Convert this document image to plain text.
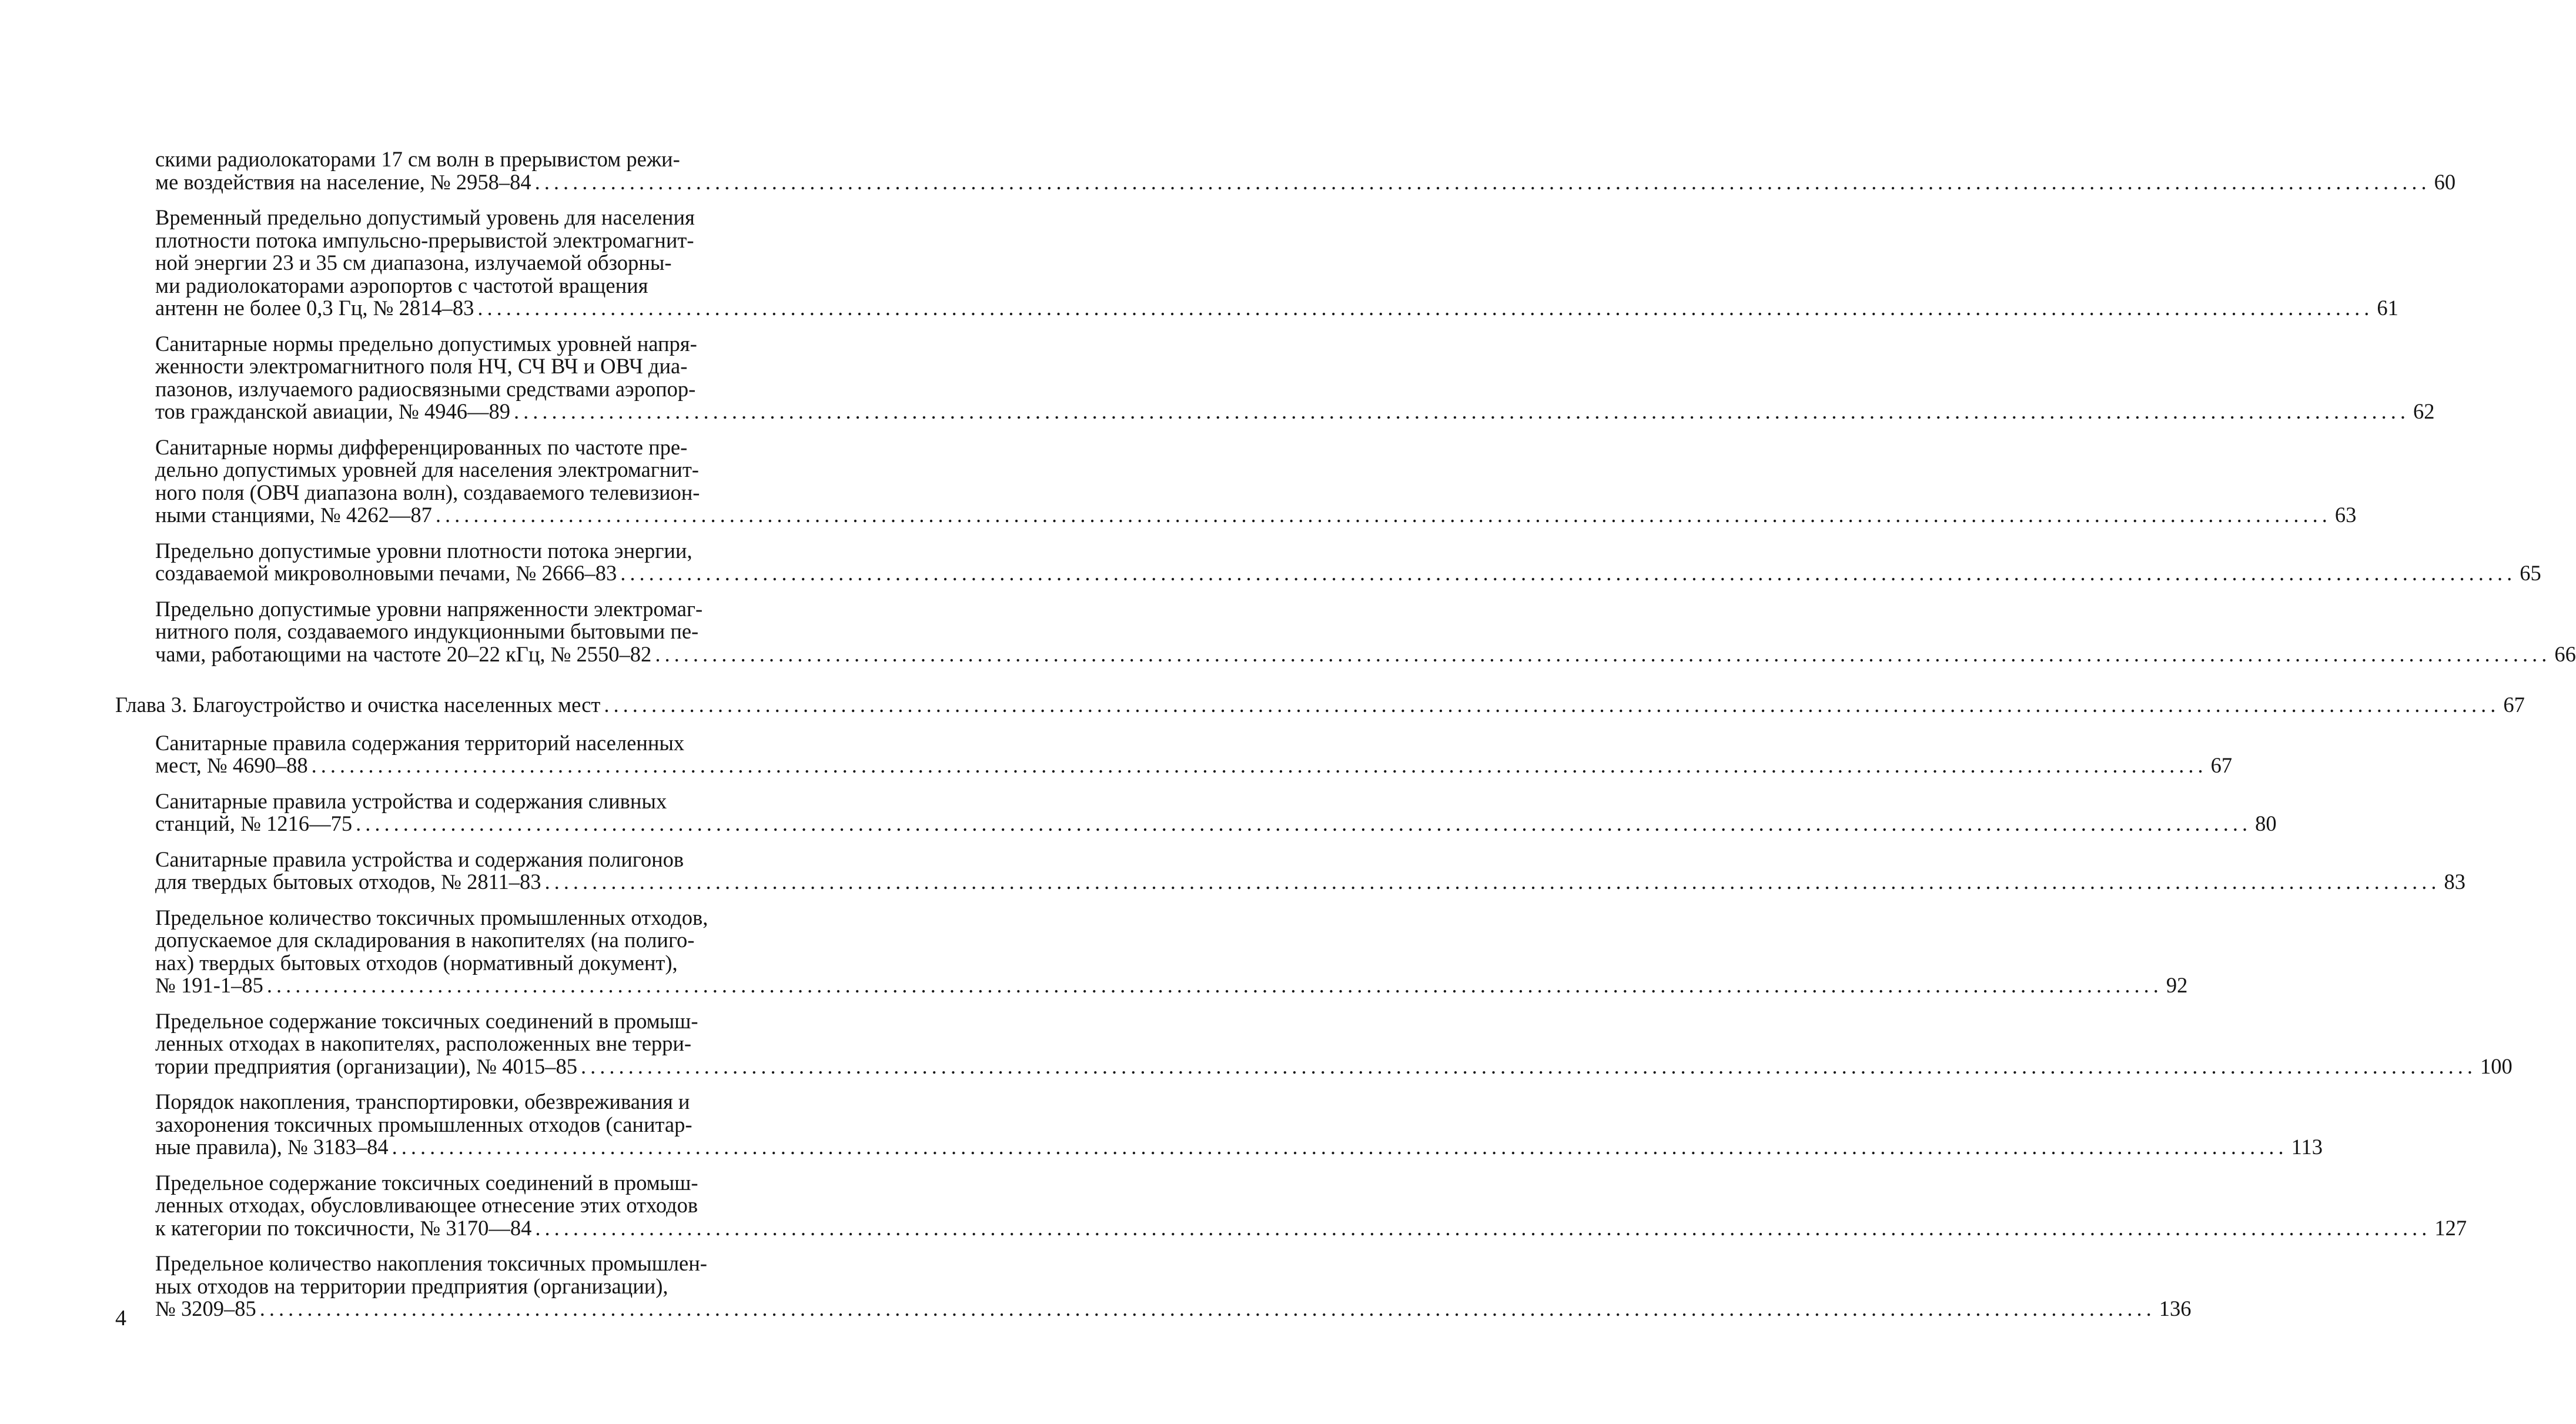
скими радиолокаторами 17 см волн в прерывистом режи-
ме воздействия на население, № 2958–84 ........................................................................................................................................................................................................ 60
Временный предельно допустимый уровень для населения
плотности потока импульсно-прерывистой электромагнит-
ной энергии 23 и 35 см диапазона, излучаемой обзорны-
ми радиолокаторами аэропортов с частотой вращения
антенн не более 0,3 Гц, № 2814–83 ........................................................................................................................................................................................................ 61
Санитарные нормы предельно допустимых уровней напря-
женности электромагнитного поля НЧ, СЧ ВЧ и ОВЧ диа-
пазонов, излучаемого радиосвязными средствами аэропор-
тов гражданской авиации, № 4946—89 ........................................................................................................................................................................................................ 62
Санитарные нормы дифференцированных по частоте пре-
дельно допустимых уровней для населения электромагнит-
ного поля (ОВЧ диапазона волн), создаваемого телевизион-
ными станциями, № 4262—87 ........................................................................................................................................................................................................ 63
Предельно допустимые уровни плотности потока энергии,
создаваемой микроволновыми печами, № 2666–83 ........................................................................................................................................................................................................ 65
Предельно допустимые уровни напряженности электромаг-
нитного поля, создаваемого индукционными бытовыми пе-
чами, работающими на частоте 20–22 кГц, № 2550–82 ........................................................................................................................................................................................................ 66
Глава 3. Благоустройство и очистка населенных мест ........................................................................................................................................................................................................ 67
Санитарные правила содержания территорий населенных
мест, № 4690–88 ........................................................................................................................................................................................................ 67
Санитарные правила устройства и содержания сливных
станций, № 1216—75 ........................................................................................................................................................................................................ 80
Санитарные правила устройства и содержания полигонов
для твердых бытовых отходов, № 2811–83 ........................................................................................................................................................................................................ 83
Предельное количество токсичных промышленных отходов,
допускаемое для складирования в накопителях (на полиго-
нах) твердых бытовых отходов (нормативный документ),
№ 191-1–85 ........................................................................................................................................................................................................ 92
Предельное содержание токсичных соединений в промыш-
ленных отходах в накопителях, расположенных вне терри-
тории предприятия (организации), № 4015–85 ........................................................................................................................................................................................................ 100
Порядок накопления, транспортировки, обезвреживания и
захоронения токсичных промышленных отходов (санитар-
ные правила), № 3183–84 ........................................................................................................................................................................................................ 113
Предельное содержание токсичных соединений в промыш-
ленных отходах, обусловливающее отнесение этих отходов
к категории по токсичности, № 3170—84 ........................................................................................................................................................................................................ 127
Предельное количество накопления токсичных промышлен-
ных отходов на территории предприятия (организации),
№ 3209–85 ........................................................................................................................................................................................................ 136
4
